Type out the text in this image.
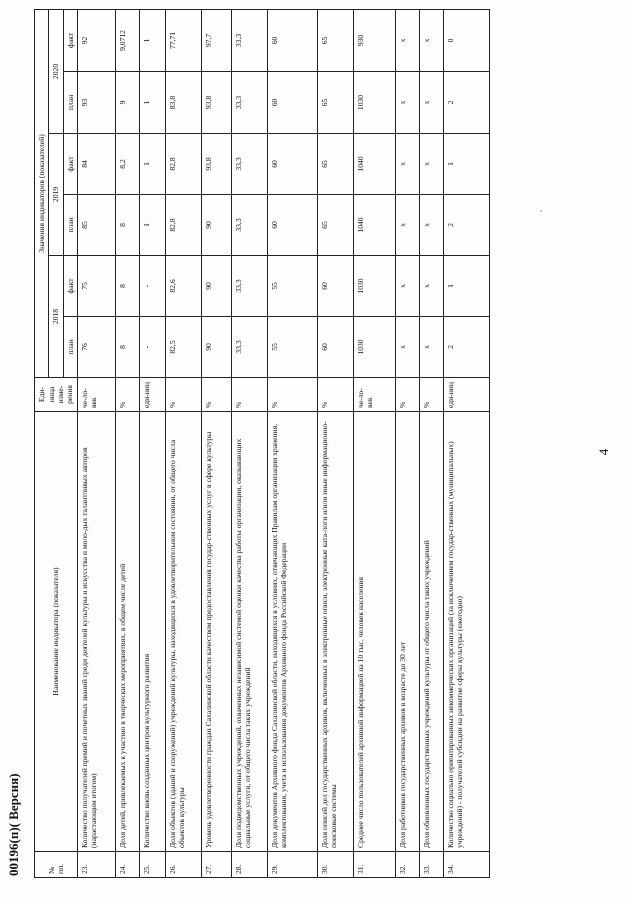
00196(п)( Версия)
4
№ пп.	Наименование индикатора (показателя)	Еди-ница изме-рения	Значения индикаторов (показателей)					
			2018		2019		2020	
			план	факт	план	факт	план	факт
23.	Количество получателей премий и почетных званий среди деятелей культуры и искусства и моло-дых талантливых авторов (нарастающим итогом)	че-ло-век	76	75	85	84	93	92
24.	Доля детей, привлекаемых к участию в творческих мероприятиях, в общем числе детей	%	8	8	8	8,2	9	9,0712
25.	Количество вновь созданных центров культурного развития	еди-ниц	-	-	1	1	1	1
26.	Доля объектов (зданий и сооружений) учреждений культуры, находящихся в удовлетворительном состоянии, от общего числа объектов культуры	%	82,5	82,6	82,8	82,8	83,8	77,71
27.	Уровень удовлетворенности граждан Сахалинской области качеством предоставления государ-ственных услуг в сфере культуры	%	90	90	90	93,8	93,8	97,7
28.	Доля подведомственных учреждений, охваченных независимой системой оценки качества работы организации, оказывающих социальные услуги, от общего числа таких учреждений	%	33,3	33,3	33,3	33,3	33,3	33,3
29.	Доля документов Архивного фонда Сахалинской области, находящихся в условиях, отвечающих Правилам организации хранения, комплектования, учета и использования документов Архивного фонда Российской Федерации	%	55	55	60	60	60	60
30.	Доля описей дел государственных архивов, включенных в электронные описи, электронные ката-логи и/или иные информационно-поисковые системы	%	60	60	65	65	65	65
31.	Среднее число пользователей архивной информацией на 10 тыс. человек населения	че-ло-век	1030	1030	1040	1040	1030	930
32.	Доля работников государственных архивов в возрасте до 30 лет	%	x	x	x	x	x	x
33.	Доля обновленных государственных учреждений культуры от общего числа таких учреждений	%	x	x	x	x	x	x
34.	Количество социально ориентированных некоммерческих организаций (за исключением государ-ственных (муниципальных) учреждений) - получателей субсидии на развитие сферы культуры (ежегодно)	еди-ниц	2	1	2	1	2	0
